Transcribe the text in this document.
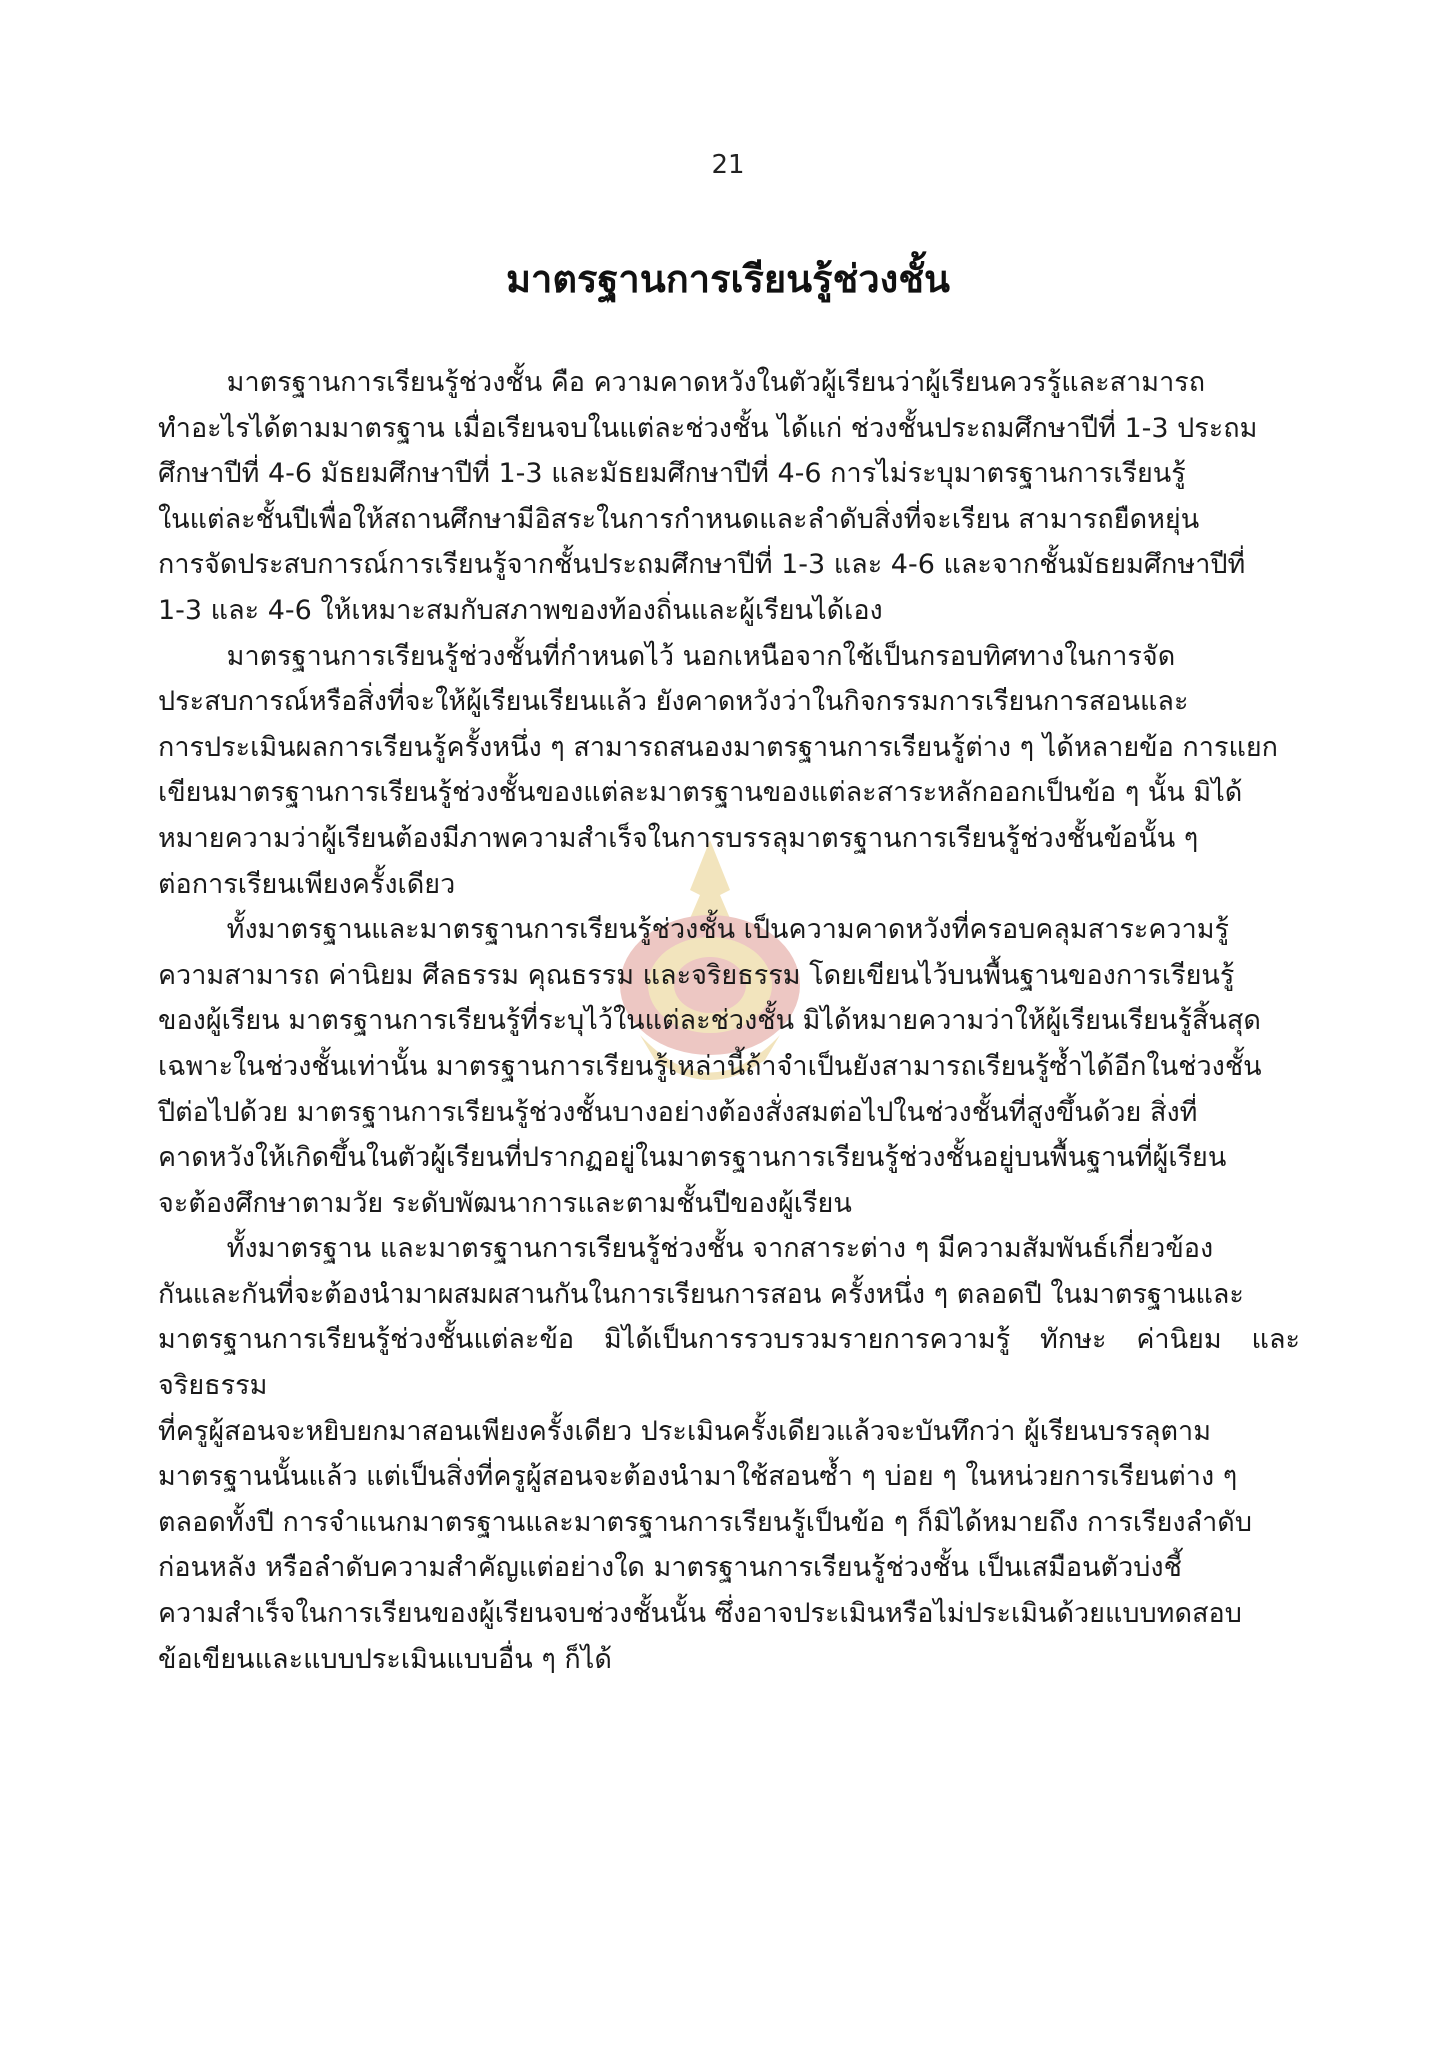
21
มาตรฐานการเรียนรู้ช่วงชั้น

มาตรฐานการเรียนรู้ช่วงชั้น คือ ความคาดหวังในตัวผู้เรียนว่าผู้เรียนควรรู้และสามารถ
ทำอะไรได้ตามมาตรฐาน เมื่อเรียนจบในแต่ละช่วงชั้น ได้แก่ ช่วงชั้นประถมศึกษาปีที่ 1-3 ประถม
ศึกษาปีที่ 4-6 มัธยมศึกษาปีที่ 1-3 และมัธยมศึกษาปีที่ 4-6 การไม่ระบุมาตรฐานการเรียนรู้
ในแต่ละชั้นปีเพื่อให้สถานศึกษามีอิสระในการกำหนดและลำดับสิ่งที่จะเรียน สามารถยืดหยุ่น
การจัดประสบการณ์การเรียนรู้จากชั้นประถมศึกษาปีที่ 1-3 และ 4-6 และจากชั้นมัธยมศึกษาปีที่
1-3 และ 4-6 ให้เหมาะสมกับสภาพของท้องถิ่นและผู้เรียนได้เอง

มาตรฐานการเรียนรู้ช่วงชั้นที่กำหนดไว้ นอกเหนือจากใช้เป็นกรอบทิศทางในการจัด
ประสบการณ์หรือสิ่งที่จะให้ผู้เรียนเรียนแล้ว ยังคาดหวังว่าในกิจกรรมการเรียนการสอนและ
การประเมินผลการเรียนรู้ครั้งหนึ่ง ๆ สามารถสนองมาตรฐานการเรียนรู้ต่าง ๆ ได้หลายข้อ การแยก
เขียนมาตรฐานการเรียนรู้ช่วงชั้นของแต่ละมาตรฐานของแต่ละสาระหลักออกเป็นข้อ ๆ นั้น มิได้
หมายความว่าผู้เรียนต้องมีภาพความสำเร็จในการบรรลุมาตรฐานการเรียนรู้ช่วงชั้นข้อนั้น ๆ
ต่อการเรียนเพียงครั้งเดียว

ทั้งมาตรฐานและมาตรฐานการเรียนรู้ช่วงชั้น เป็นความคาดหวังที่ครอบคลุมสาระความรู้
ความสามารถ ค่านิยม ศีลธรรม คุณธรรม และจริยธรรม โดยเขียนไว้บนพื้นฐานของการเรียนรู้
ของผู้เรียน มาตรฐานการเรียนรู้ที่ระบุไว้ในแต่ละช่วงชั้น มิได้หมายความว่าให้ผู้เรียนเรียนรู้สิ้นสุด
เฉพาะในช่วงชั้นเท่านั้น มาตรฐานการเรียนรู้เหล่านี้ถ้าจำเป็นยังสามารถเรียนรู้ซ้ำได้อีกในช่วงชั้น
ปีต่อไปด้วย มาตรฐานการเรียนรู้ช่วงชั้นบางอย่างต้องสั่งสมต่อไปในช่วงชั้นที่สูงขึ้นด้วย สิ่งที่
คาดหวังให้เกิดขึ้นในตัวผู้เรียนที่ปรากฏอยู่ในมาตรฐานการเรียนรู้ช่วงชั้นอยู่บนพื้นฐานที่ผู้เรียน
จะต้องศึกษาตามวัย ระดับพัฒนาการและตามชั้นปีของผู้เรียน

ทั้งมาตรฐาน และมาตรฐานการเรียนรู้ช่วงชั้น จากสาระต่าง ๆ มีความสัมพันธ์เกี่ยวข้อง
กันและกันที่จะต้องนำมาผสมผสานกันในการเรียนการสอน ครั้งหนึ่ง ๆ ตลอดปี ในมาตรฐานและ
มาตรฐานการเรียนรู้ช่วงชั้นแต่ละข้อ มิได้เป็นการรวบรวมรายการความรู้ ทักษะ ค่านิยม และจริยธรรม
ที่ครูผู้สอนจะหยิบยกมาสอนเพียงครั้งเดียว ประเมินครั้งเดียวแล้วจะบันทึกว่า ผู้เรียนบรรลุตาม
มาตรฐานนั้นแล้ว แต่เป็นสิ่งที่ครูผู้สอนจะต้องนำมาใช้สอนซ้ำ ๆ บ่อย ๆ ในหน่วยการเรียนต่าง ๆ
ตลอดทั้งปี การจำแนกมาตรฐานและมาตรฐานการเรียนรู้เป็นข้อ ๆ ก็มิได้หมายถึง การเรียงลำดับ
ก่อนหลัง หรือลำดับความสำคัญแต่อย่างใด มาตรฐานการเรียนรู้ช่วงชั้น เป็นเสมือนตัวบ่งชี้
ความสำเร็จในการเรียนของผู้เรียนจบช่วงชั้นนั้น ซึ่งอาจประเมินหรือไม่ประเมินด้วยแบบทดสอบ
ข้อเขียนและแบบประเมินแบบอื่น ๆ ก็ได้
